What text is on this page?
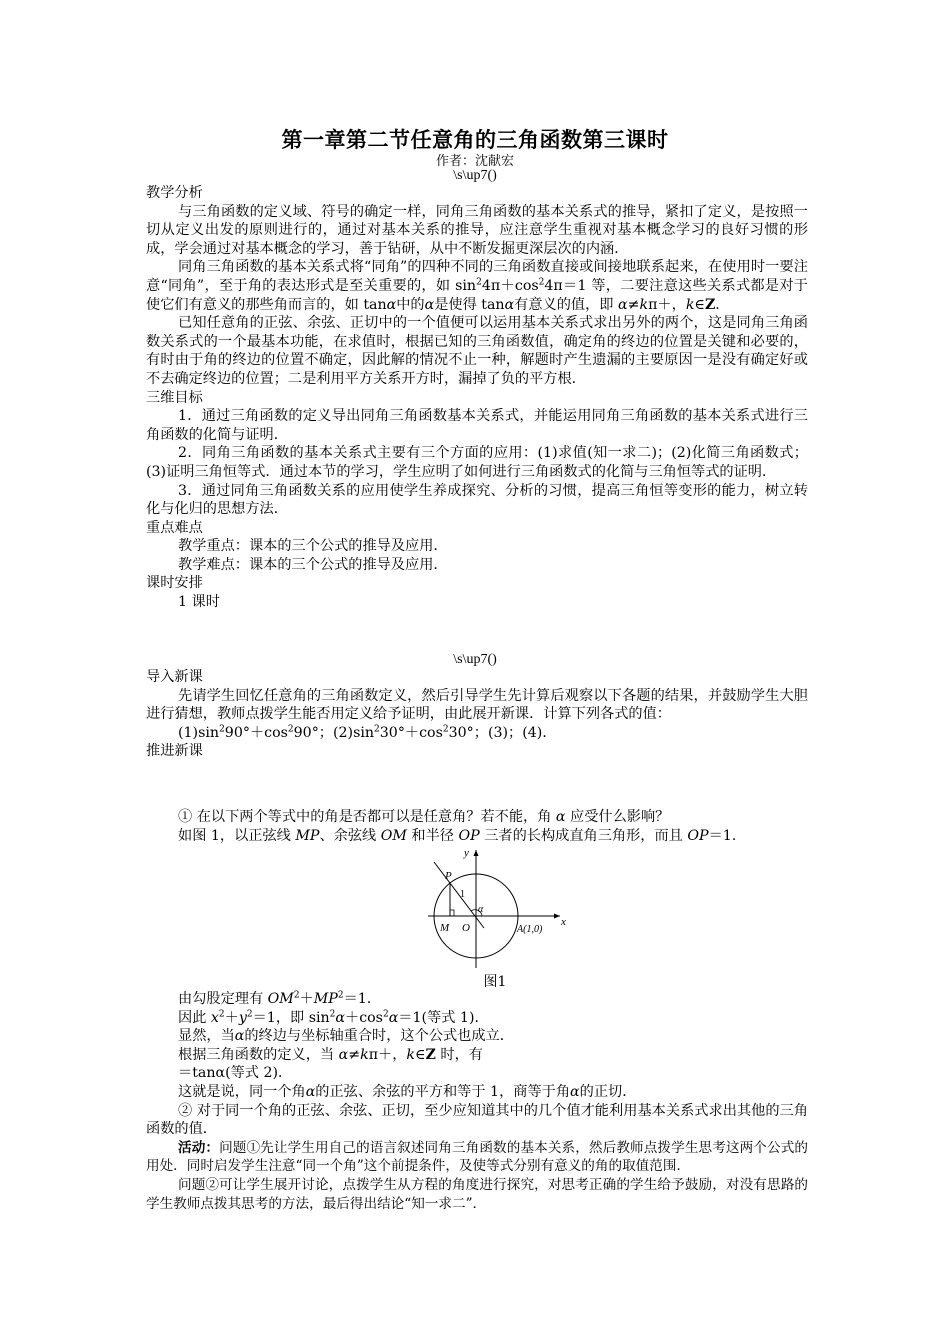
第一章第二节任意角的三角函数第三课时
作者：沈献宏
\s\up7()

教学分析

与三角函数的定义域、符号的确定一样，同角三角函数的基本关系式的推导，紧扣了定义，是按照一切从定义出发的原则进行的，通过对基本关系的推导，应注意学生重视对基本概念学习的良好习惯的形成，学会通过对基本概念的学习，善于钻研，从中不断发掘更深层次的内涵．

同角三角函数的基本关系式将“同角”的四种不同的三角函数直接或间接地联系起来，在使用时一要注意“同角”，至于角的表达形式是至关重要的，如 $\sin^24\pi+\cos^24\pi=1$ 等，二要注意这些关系式都是对于使它们有意义的那些角而言的，如 tanα中的α是使得 tanα有意义的值，即 α≠kπ＋，k∈Z.

已知任意角的正弦、余弦、正切中的一个值便可以运用基本关系式求出另外的两个，这是同角三角函数关系式的一个最基本功能，在求值时，根据已知的三角函数值，确定角的终边的位置是关键和必要的，有时由于角的终边的位置不确定，因此解的情况不止一种，解题时产生遗漏的主要原因一是没有确定好或不去确定终边的位置；二是利用平方关系开方时，漏掉了负的平方根．

三维目标

1．通过三角函数的定义导出同角三角函数基本关系式，并能运用同角三角函数的基本关系式进行三角函数的化简与证明．

2．同角三角函数的基本关系式主要有三个方面的应用：(1)求值(知一求二)；(2)化简三角函数式；(3)证明三角恒等式．通过本节的学习，学生应明了如何进行三角函数式的化简与三角恒等式的证明．

3．通过同角三角函数关系的应用使学生养成探究、分析的习惯，提高三角恒等变形的能力，树立转化与化归的思想方法．

重点难点

教学重点：课本的三个公式的推导及应用．

教学难点：课本的三个公式的推导及应用．

课时安排

1 课时

\s\up7()

导入新课

先请学生回忆任意角的三角函数定义，然后引导学生先计算后观察以下各题的结果，并鼓励学生大胆进行猜想，教师点拨学生能否用定义给予证明，由此展开新课．计算下列各式的值：

$(1)\sin^290^\circ+\cos^290^\circ$；$(2)\sin^230^\circ+\cos^230^\circ$；(3)；(4)．

推进新课

① 在以下两个等式中的角是否都可以是任意角？若不能，角 α 应受什么影响？

如图 1，以正弦线 MP、余弦线 OM 和半径 OP 三者的长构成直角三角形，而且 OP＝1.

y
x
P
1
α
M O	A(1,0)
图1

由勾股定理有 $OM^2+MP^2=1$.

因此 $x^2+y^2=1$，即 $\sin^2\alpha+\cos^2\alpha=1$(等式 1)．

显然，当α的终边与坐标轴重合时，这个公式也成立．

根据三角函数的定义，当 α≠kπ＋，k∈Z 时，有

＝tanα(等式 2)．

这就是说，同一个角α的正弦、余弦的平方和等于 1，商等于角α的正切．

② 对于同一个角的正弦、余弦、正切，至少应知道其中的几个值才能利用基本关系式求出其他的三角函数的值．

活动：问题①先让学生用自己的语言叙述同角三角函数的基本关系，然后教师点拨学生思考这两个公式的用处．同时启发学生注意“同一个角”这个前提条件，及使等式分别有意义的角的取值范围．

问题②可让学生展开讨论，点拨学生从方程的角度进行探究，对思考正确的学生给予鼓励，对没有思路的学生教师点拨其思考的方法，最后得出结论“知一求二”．
